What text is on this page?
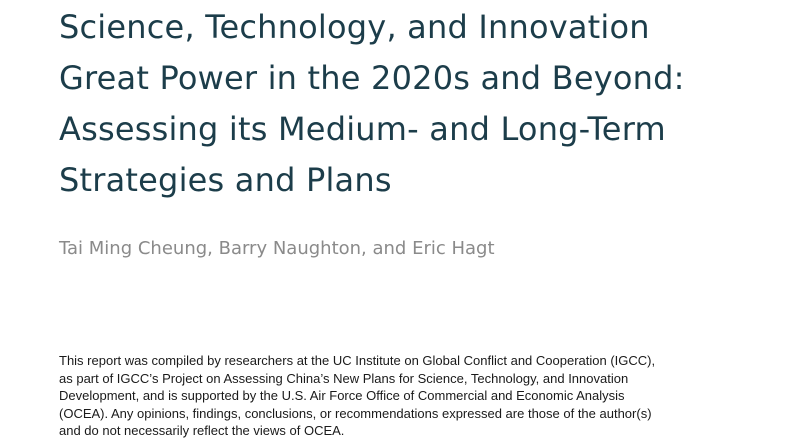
Science, Technology, and Innovation
Great Power in the 2020s and Beyond:
Assessing its Medium- and Long-Term
Strategies and Plans

Tai Ming Cheung, Barry Naughton, and Eric Hagt

This report was compiled by researchers at the UC Institute on Global Conflict and Cooperation (IGCC),
as part of IGCC’s Project on Assessing China’s New Plans for Science, Technology, and Innovation
Development, and is supported by the U.S. Air Force Office of Commercial and Economic Analysis
(OCEA). Any opinions, findings, conclusions, or recommendations expressed are those of the author(s)
and do not necessarily reflect the views of OCEA.
